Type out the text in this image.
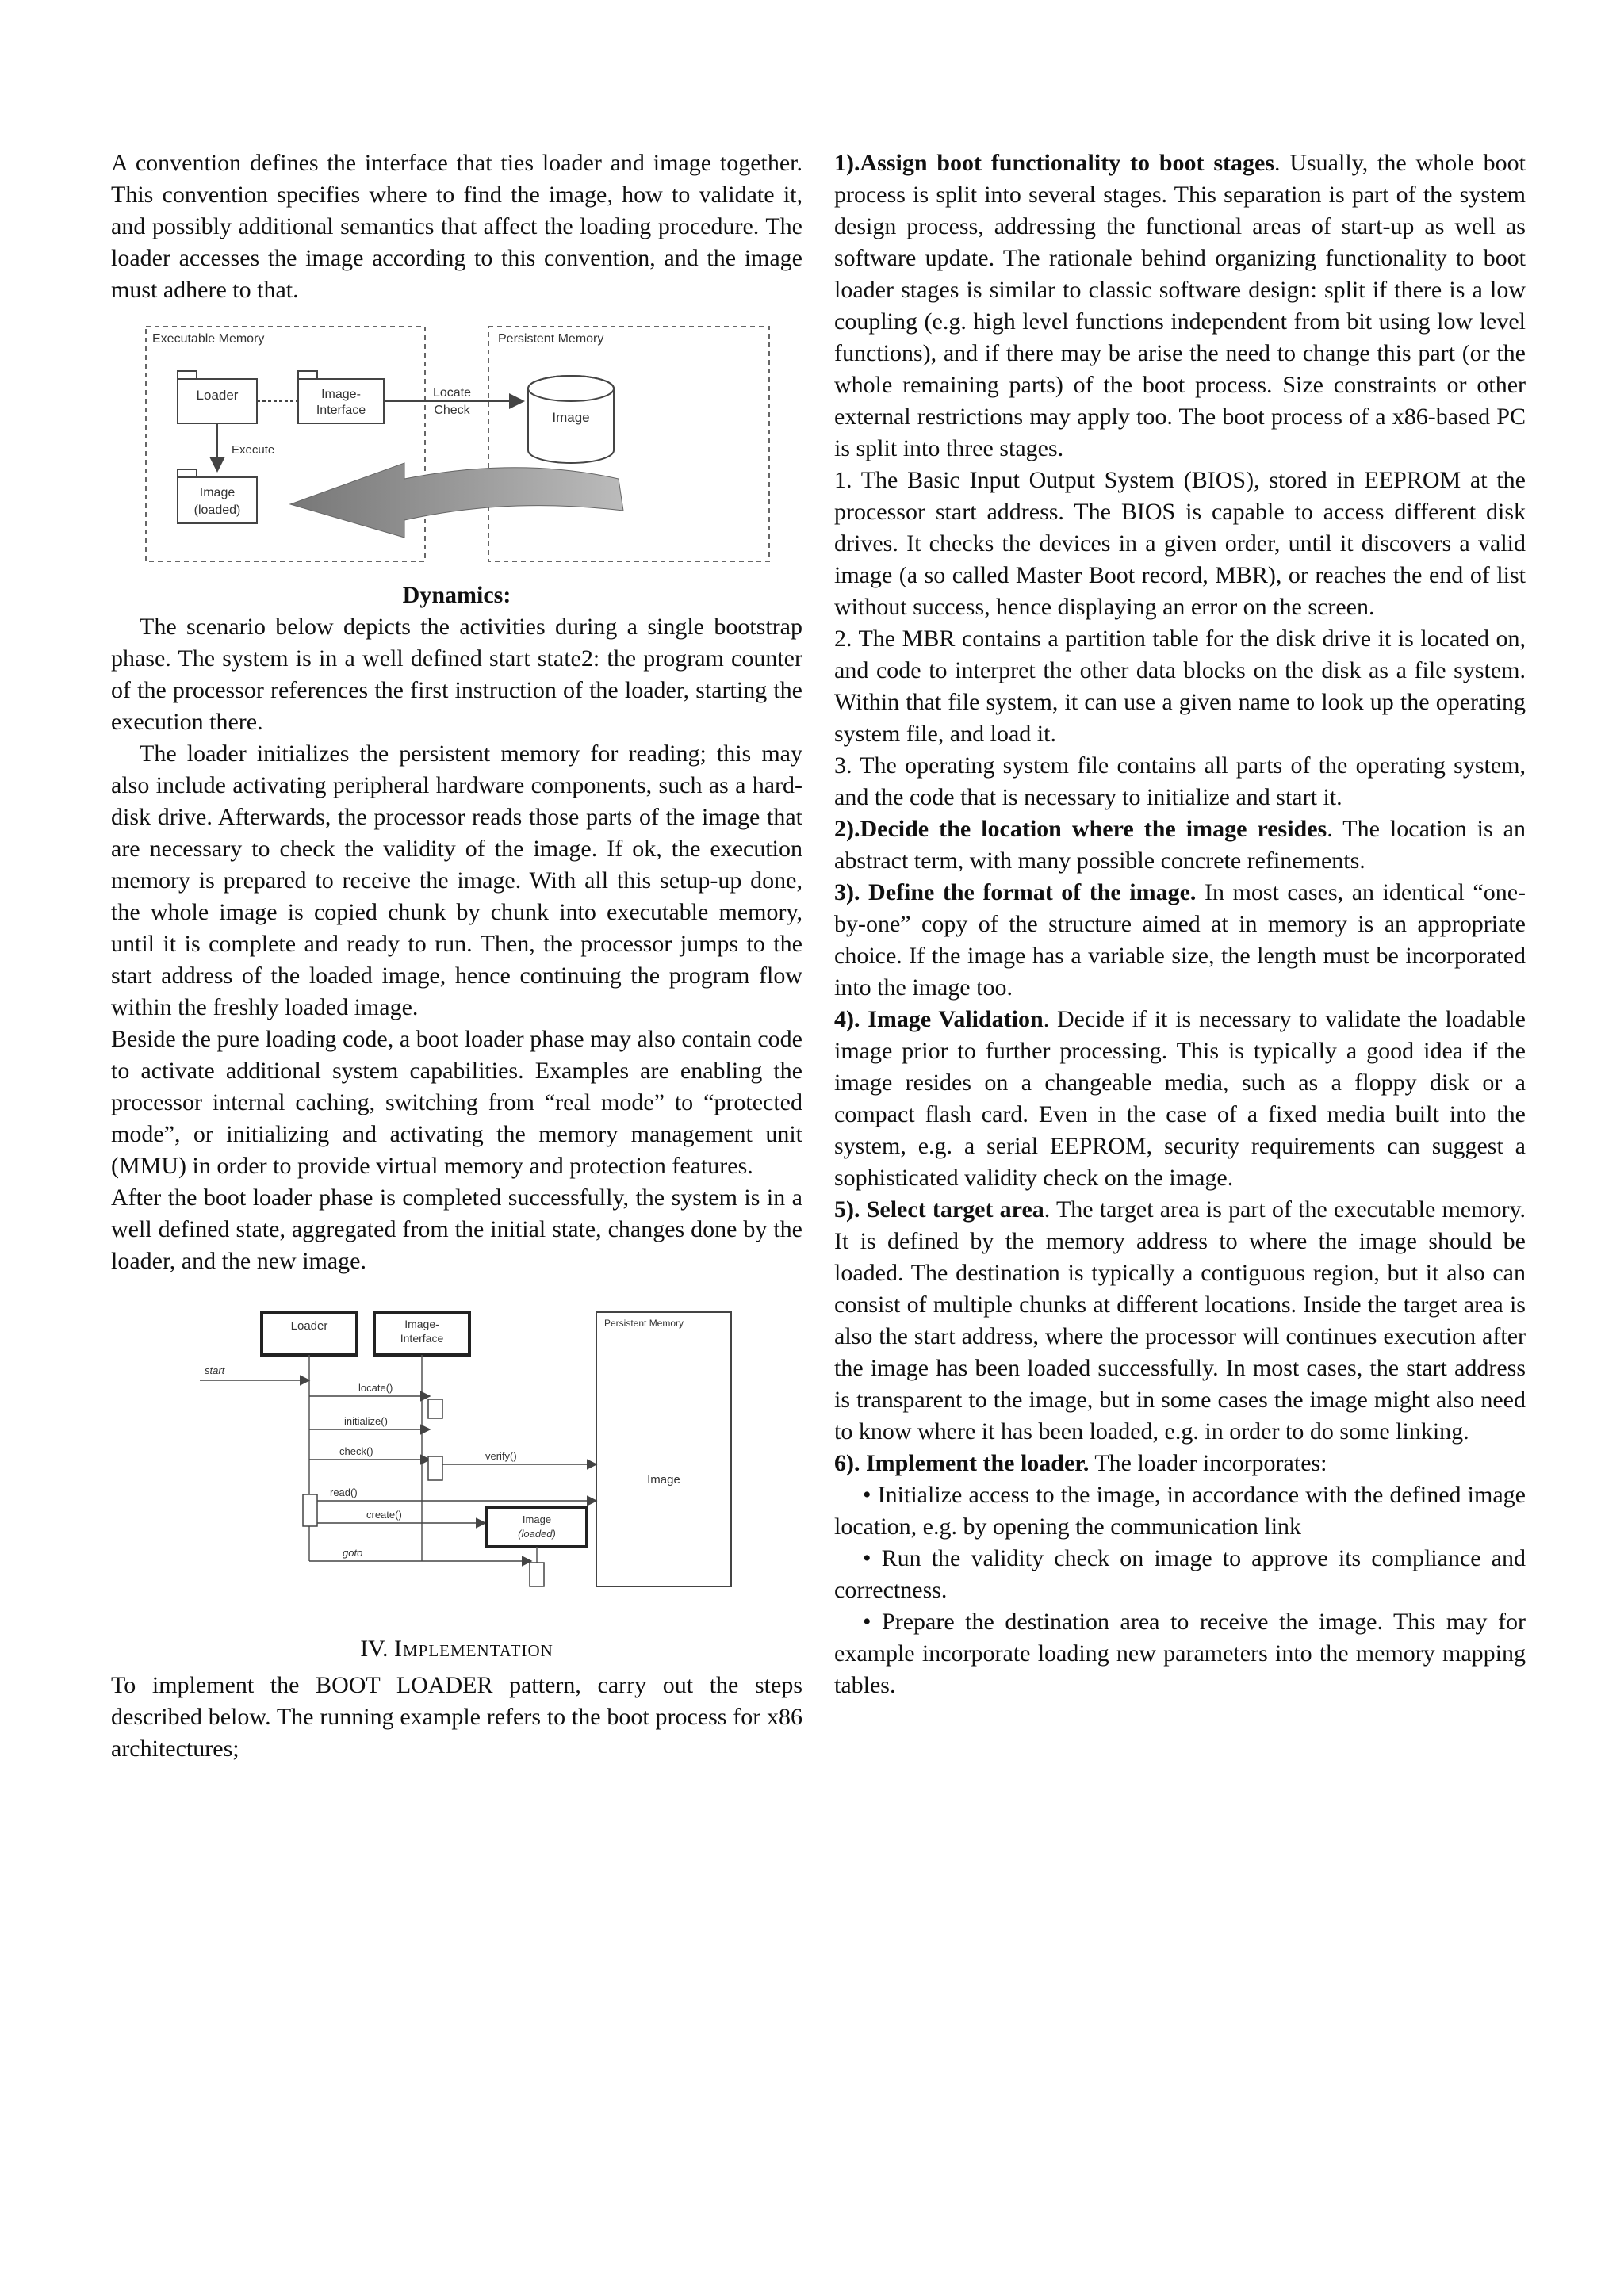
A convention defines the interface that ties loader and image together. This convention specifies where to find the image, how to validate it, and possibly additional semantics that affect the loading procedure. The loader accesses the image according to this convention, and the image must adhere to that.

Executable Memory	Persistent Memory
Loader	Image-
Interface
Locate
Check	Image
Execute
Image
(loaded)

Dynamics:

The scenario below depicts the activities during a single bootstrap phase. The system is in a well defined start state2: the program counter of the processor references the first instruction of the loader, starting the execution there.

The loader initializes the persistent memory for reading; this may also include activating peripheral hardware components, such as a hard-disk drive. Afterwards, the processor reads those parts of the image that are necessary to check the validity of the image. If ok, the execution memory is prepared to receive the image. With all this setup-up done, the whole image is copied chunk by chunk into executable memory, until it is complete and ready to run. Then, the processor jumps to the start address of the loaded image, hence continuing the program flow within the freshly loaded image.

Beside the pure loading code, a boot loader phase may also contain code to activate additional system capabilities. Examples are enabling the processor internal caching, switching from “real mode” to “protected mode”, or initializing and activating the memory management unit (MMU) in order to provide virtual memory and protection features.

After the boot loader phase is completed successfully, the system is in a well defined state, aggregated from the initial state, changes done by the loader, and the new image.

Loader	Image-
Interface
Persistent Memory
Image
start
locate()
initialize()
check()	verify()
read()
create()	Image
(loaded)
goto

IV. Implementation

To implement the BOOT LOADER pattern, carry out the steps described below. The running example refers to the boot process for x86 architectures;

1).Assign boot functionality to boot stages. Usually, the whole boot process is split into several stages. This separation is part of the system design process, addressing the functional areas of start-up as well as software update. The rationale behind organizing functionality to boot loader stages is similar to classic software design: split if there is a low coupling (e.g. high level functions independent from bit using low level functions), and if there may be arise the need to change this part (or the whole remaining parts) of the boot process. Size constraints or other external restrictions may apply too. The boot process of a x86-based PC is split into three stages.

1. The Basic Input Output System (BIOS), stored in EEPROM at the processor start address. The BIOS is capable to access different disk drives. It checks the devices in a given order, until it discovers a valid image (a so called Master Boot record, MBR), or reaches the end of list without success, hence displaying an error on the screen.

2. The MBR contains a partition table for the disk drive it is located on, and code to interpret the other data blocks on the disk as a file system. Within that file system, it can use a given name to look up the operating system file, and load it.

3. The operating system file contains all parts of the operating system, and the code that is necessary to initialize and start it.

2).Decide the location where the image resides. The location is an abstract term, with many possible concrete refinements.

3). Define the format of the image. In most cases, an identical “one-by-one” copy of the structure aimed at in memory is an appropriate choice. If the image has a variable size, the length must be incorporated into the image too.

4). Image Validation. Decide if it is necessary to validate the loadable image prior to further processing. This is typically a good idea if the image resides on a changeable media, such as a floppy disk or a compact flash card. Even in the case of a fixed media built into the system, e.g. a serial EEPROM, security requirements can suggest a sophisticated validity check on the image.

5). Select target area. The target area is part of the executable memory. It is defined by the memory address to where the image should be loaded. The destination is typically a contiguous region, but it also can consist of multiple chunks at different locations. Inside the target area is also the start address, where the processor will continues execution after the image has been loaded successfully. In most cases, the start address is transparent to the image, but in some cases the image might also need to know where it has been loaded, e.g. in order to do some linking.

6). Implement the loader. The loader incorporates:

• Initialize access to the image, in accordance with the defined image location, e.g. by opening the communication link

• Run the validity check on image to approve its compliance and correctness.

• Prepare the destination area to receive the image. This may for example incorporate loading new parameters into the memory mapping tables.
